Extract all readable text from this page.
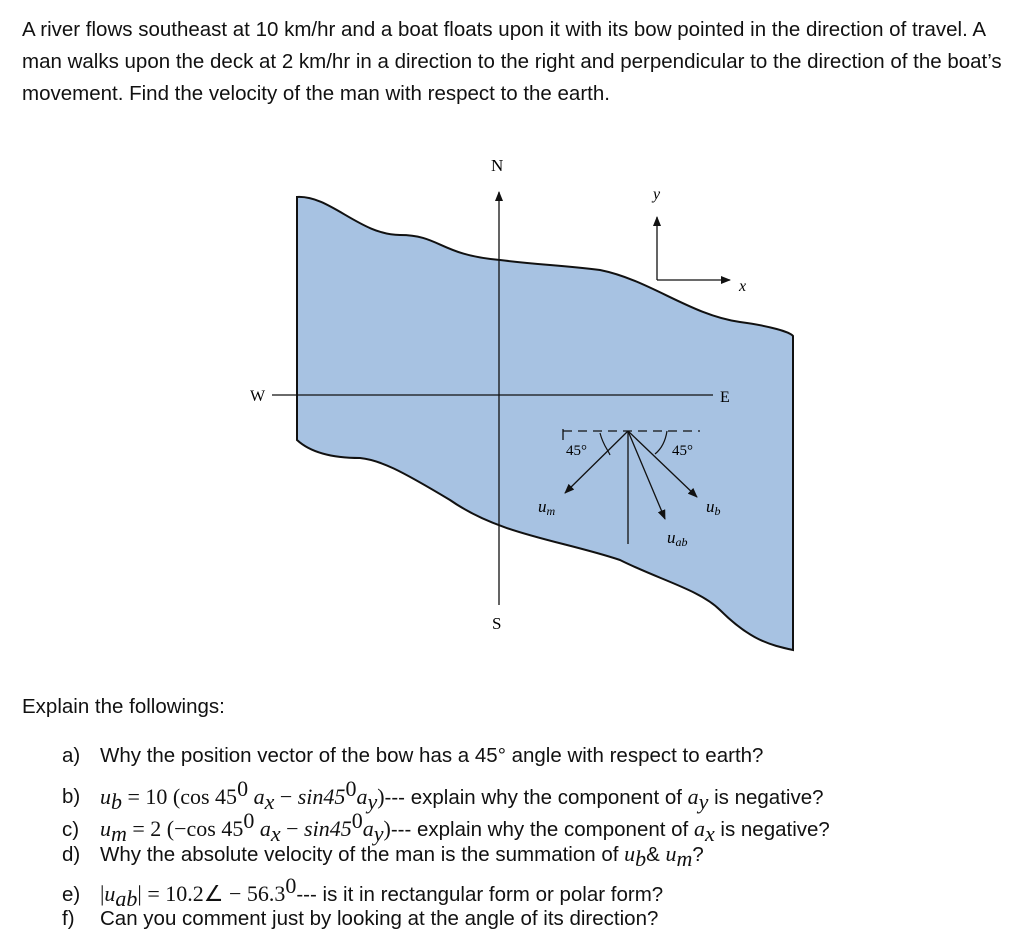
A river flows southeast at 10 km/hr and a boat floats upon it with its bow pointed in the direction of travel. A man walks upon the deck at 2 km/hr in a direction to the right and perpendicular to the direction of the boat’s movement. Find the velocity of the man with respect to the earth.
N
S
W	E
y
x
45°	45°
um	ub
uab
Explain the followings:
a) Why the position vector of the bow has a 45° angle with respect to earth?
b) $u_b = 10$ (cos $45^0$ $a_x - \sin 45^0a_y)---$ explain why the component of $a_y$ is negative?
c) $u_m = 2$ (−cos $45^0$ $a_x - \sin 45^0a_y)---$ explain why the component of $a_x$ is negative?
d) Why the absolute velocity of the man is the summation of $u_b\&$ $u_m$?
e) $|u_{ab}|$ = 10.2∠ − $56.3^0---$ is it in rectangular form or polar form?
f) Can you comment just by looking at the angle of its direction?
